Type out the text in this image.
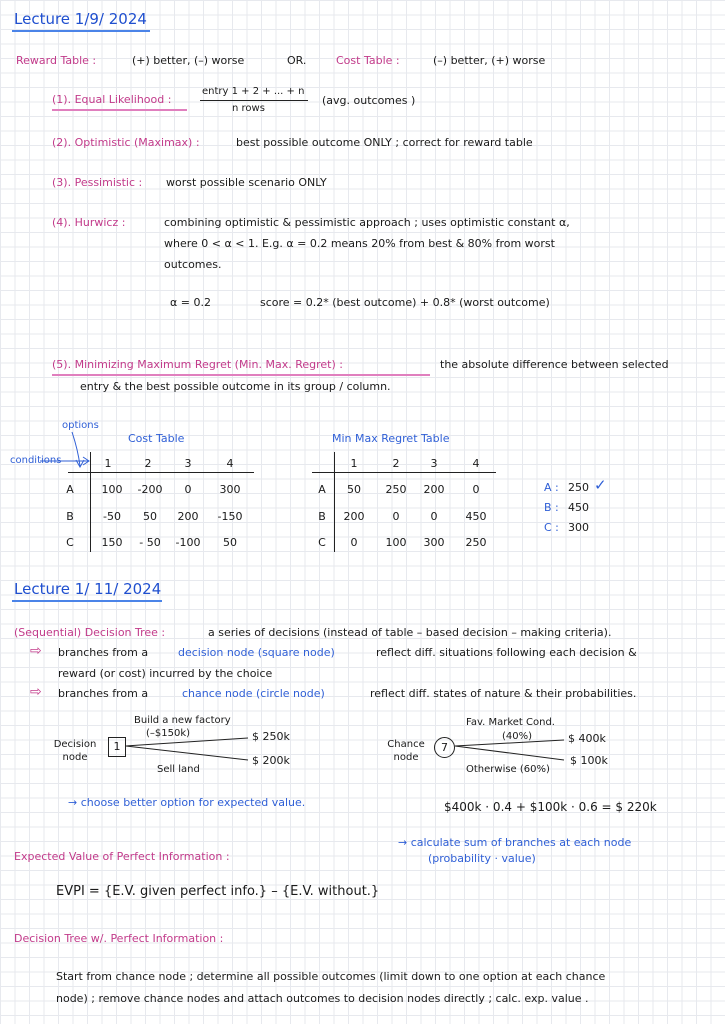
Lecture 1/9/ 2024
Reward Table :	(+) better, (–) worse	OR.	Cost Table :	(–) better, (+) worse
(1). Equal Likelihood :
entry 1 + 2 + ... + n
n rows
(avg. outcomes )
(2). Optimistic (Maximax) :	best possible outcome ONLY ; correct for reward table
(3). Pessimistic : worst possible scenario ONLY
(4). Hurwicz :	combining optimistic & pessimistic approach ; uses optimistic constant α,
where 0 < α < 1. E.g. α = 0.2 means 20% from best & 80% from worst
outcomes.
α = 0.2	score = 0.2* (best outcome) + 0.8* (worst outcome)
(5). Minimizing Maximum Regret (Min. Max. Regret) :	the absolute difference between selected
entry & the best possible outcome in its group / column.
options
conditions
Cost Table
1	2	3	4
A	100	-200	0	300
B	-50	50	200	-150
C	150	- 50	-100	50
Min Max Regret Table
1	2	3	4
A	50	250	200	0
B	200	0	0	450
C	0	100	300	250
A : 250 ✓
B : 450
C : 300
Lecture 1/ 11/ 2024
(Sequential) Decision Tree :	a series of decisions (instead of table – based decision – making criteria).
⇨ branches from a	decision node (square node)	reflect diff. situations following each decision &
reward (or cost) incurred by the choice
⇨ branches from a	chance node (circle node)	reflect diff. states of nature & their probabilities.
Decision node
1
Build a new factory
(–$150k)	$ 250k
Sell land
$ 200k
Chance node
7
Fav. Market Cond.
(40%)	$ 400k
Otherwise (60%)
$ 100k
→ choose better option for expected value.	$400k · 0.4 + $100k · 0.6 = $ 220k
→ calculate sum of branches at each node
(probability · value)
Expected Value of Perfect Information :
EVPI = {E.V. given perfect info.} – {E.V. without.}
Decision Tree w/. Perfect Information :
Start from chance node ; determine all possible outcomes (limit down to one option at each chance
node) ; remove chance nodes and attach outcomes to decision nodes directly ; calc. exp. value .
